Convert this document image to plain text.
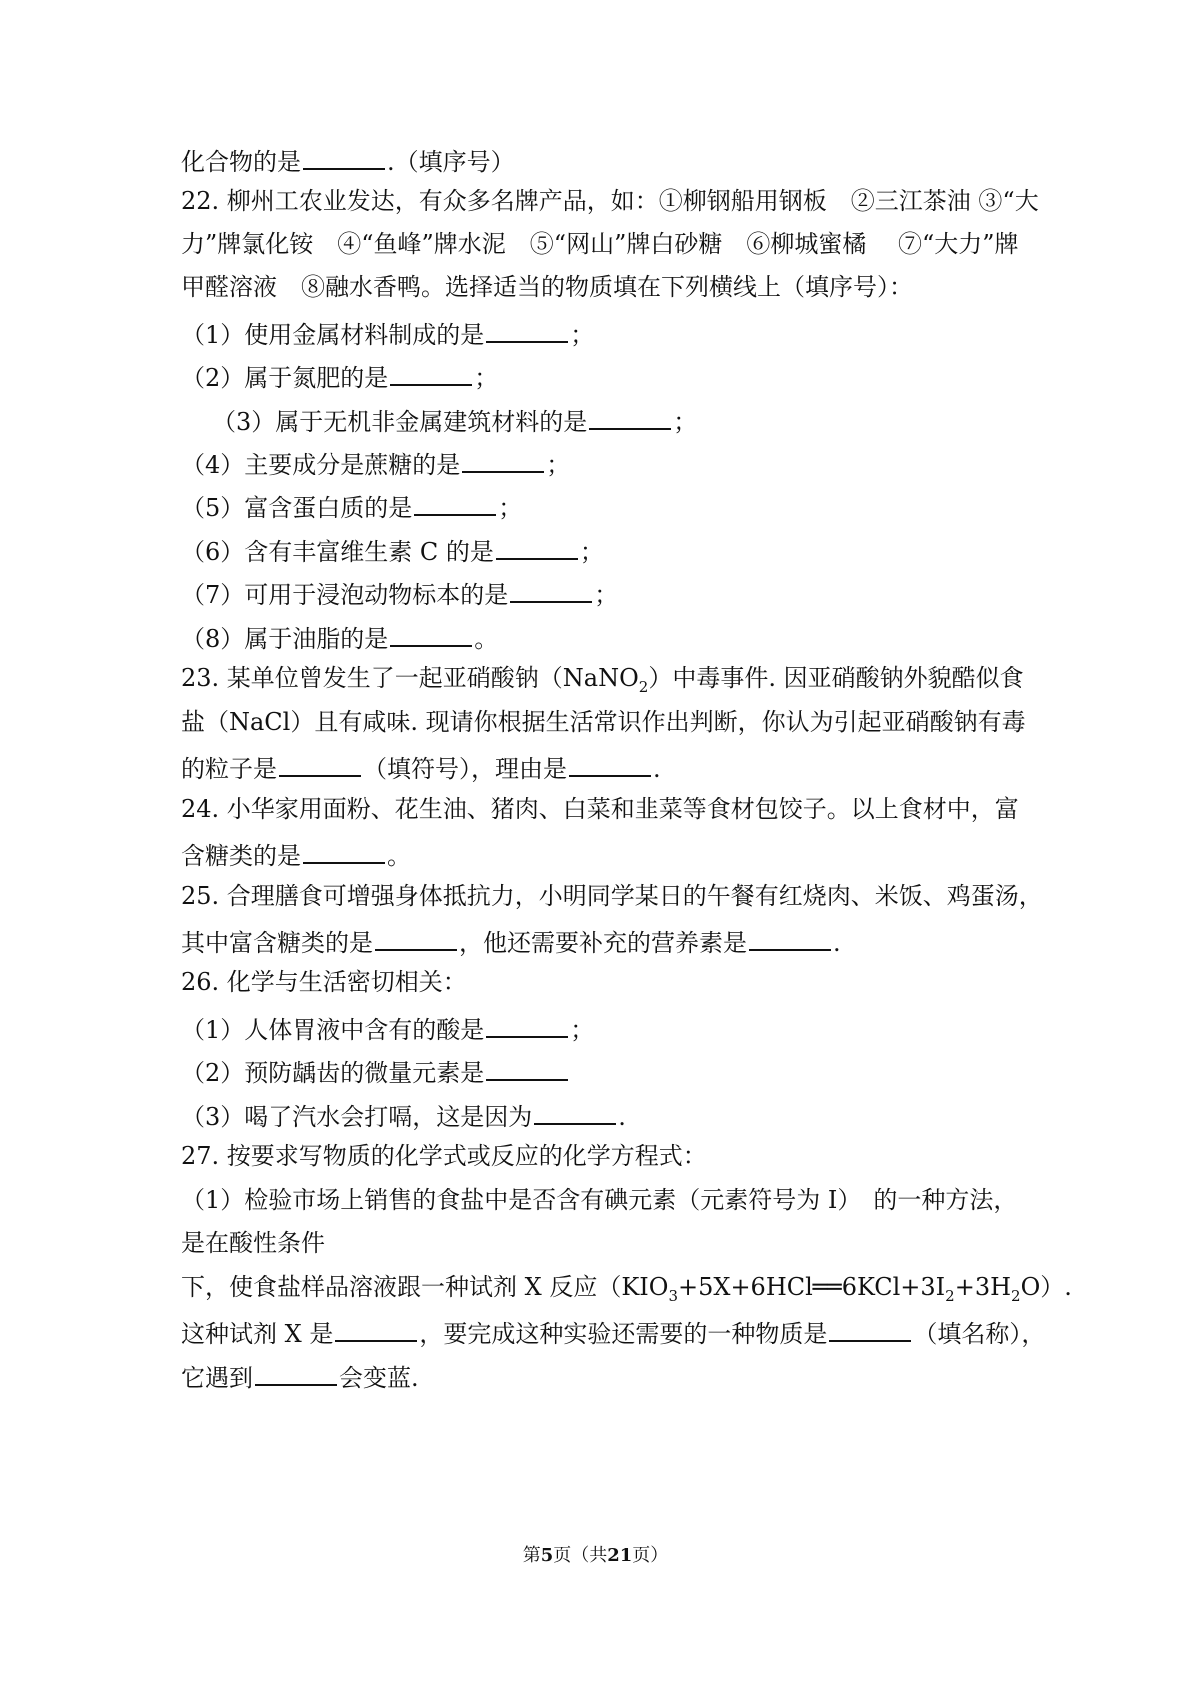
化合物的是	.（填序号）
22. 柳州工农业发达，有众多名牌产品，如：①柳钢船用钢板　②三江茶油 ③“大
力”牌氯化铵　④“鱼峰”牌水泥　⑤“网山”牌白砂糖　⑥柳城蜜橘　 ⑦“大力”牌
甲醛溶液　⑧融水香鸭。选择适当的物质填在下列横线上（填序号）：
（1）使用金属材料制成的是	；
（2）属于氮肥的是	；
（3）属于无机非金属建筑材料的是	；
（4）主要成分是蔗糖的是	；
（5）富含蛋白质的是	；
（6）含有丰富维生素 C 的是	；
（7）可用于浸泡动物标本的是	；
（8）属于油脂的是	。
23. 某单位曾发生了一起亚硝酸钠（NaNO$_2$）中毒事件. 因亚硝酸钠外貌酷似食
盐（NaCl）且有咸味. 现请你根据生活常识作出判断，你认为引起亚硝酸钠有毒
的粒子是	（填符号），理由是	.
24. 小华家用面粉、花生油、猪肉、白菜和韭菜等食材包饺子。以上食材中，富
含糖类的是	。
25. 合理膳食可增强身体抵抗力，小明同学某日的午餐有红烧肉、米饭、鸡蛋汤，
其中富含糖类的是	，他还需要补充的营养素是	.
26. 化学与生活密切相关：
（1）人体胃液中含有的酸是	；
（2）预防龋齿的微量元素是
（3）喝了汽水会打嗝，这是因为	.
27. 按要求写物质的化学式或反应的化学方程式：
（1）检验市场上销售的食盐中是否含有碘元素（元素符号为 I）　的一种方法，
是在酸性条件
下，使食盐样品溶液跟一种试剂 X 反应$(KIO_3+5X+6HCl══6KCl+3I_2+3H_2O)$.
这种试剂 X 是	，要完成这种实验还需要的一种物质是	（填名称），
它遇到	会变蓝.
第5页（共21页）
